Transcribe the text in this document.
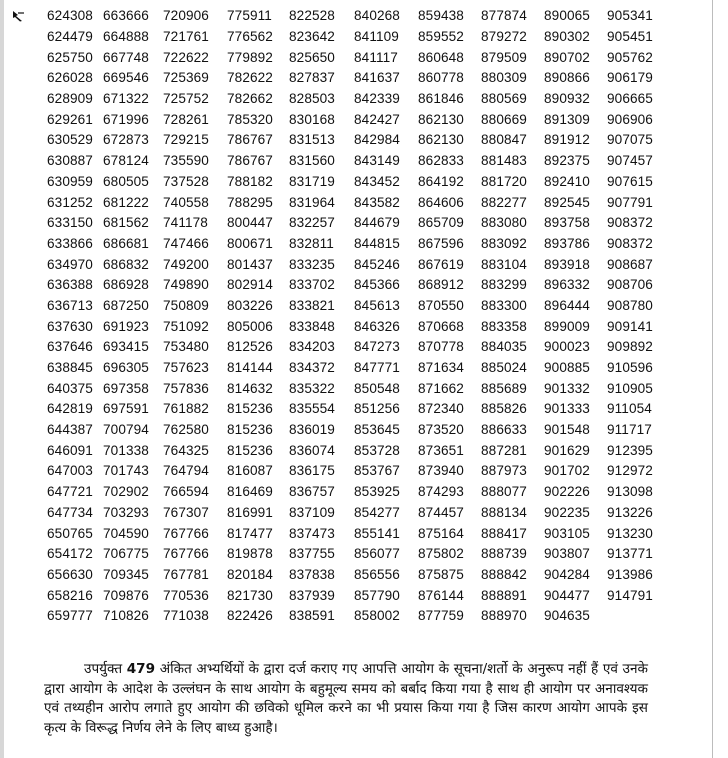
624308 663666	720906	775911	822528	840268	859438	877874	890065	905341
624479 664888	721761	776562	823642	841109	859552	879272	890302	905451
625750 667748	722622	779892	825650	841117	860648	879509	890702	905762
626028 669546	725369	782622	827837	841637	860778	880309	890866	906179
628909 671322	725752	782662	828503	842339	861846	880569	890932	906665
629261 671996	728261	785320	830168	842427	862130	880669	891309	906906
630529 672873	729215	786767	831513	842984	862130	880847	891912	907075
630887 678124	735590	786767	831560	843149	862833	881483	892375	907457
630959 680505	737528	788182	831719	843452	864192	881720	892410	907615
631252 681222	740558	788295	831964	843582	864606	882277	892545	907791
633150 681562	741178	800447	832257	844679	865709	883080	893758	908372
633866 686681	747466	800671	832811	844815	867596	883092	893786	908372
634970 686832	749200	801437	833235	845246	867619	883104	893918	908687
636388 686928	749890	802914	833702	845366	868912	883299	896332	908706
636713 687250	750809	803226	833821	845613	870550	883300	896444	908780
637630 691923	751092	805006	833848	846326	870668	883358	899009	909141
637646 693415	753480	812526	834203	847273	870778	884035	900023	909892
638845 696305	757623	814144	834372	847771	871634	885024	900885	910596
640375 697358	757836	814632	835322	850548	871662	885689	901332	910905
642819 697591	761882	815236	835554	851256	872340	885826	901333	911054
644387 700794	762580	815236	836019	853645	873520	886633	901548	911717
646091 701338	764325	815236	836074	853728	873651	887281	901629	912395
647003 701743	764794	816087	836175	853767	873940	887973	901702	912972
647721 702902	766594	816469	836757	853925	874293	888077	902226	913098
647734 703293	767307	816991	837109	854277	874457	888134	902235	913226
650765 704590	767766	817477	837473	855141	875164	888417	903105	913230
654172 706775	767766	819878	837755	856077	875802	888739	903807	913771
656630 709345	767781	820184	837838	856556	875875	888842	904284	913986
658216 709876	770536	821730	837939	857790	876144	888891	904477	914791
659777 710826	771038	822426	838591	858002	877759	888970	904635

उपर्युक्त 479 अंकित अभ्यर्थियों के द्वारा दर्ज कराए गए आपत्ति आयोग के सूचना/शर्तो के अनुरूप नहीं हैं एवं उनके द्वारा आयोग के आदेश के उल्लंघन के साथ आयोग के बहुमूल्य समय को बर्बाद किया गया है साथ ही आयोग पर अनावश्यक एवं तथ्यहीन आरोप लगाते हुए आयोग की छविको धूमिल करने का भी प्रयास किया गया है जिस कारण आयोग आपके इस कृत्य के विरूद्ध निर्णय लेने के लिए बाध्य हुआहै।
